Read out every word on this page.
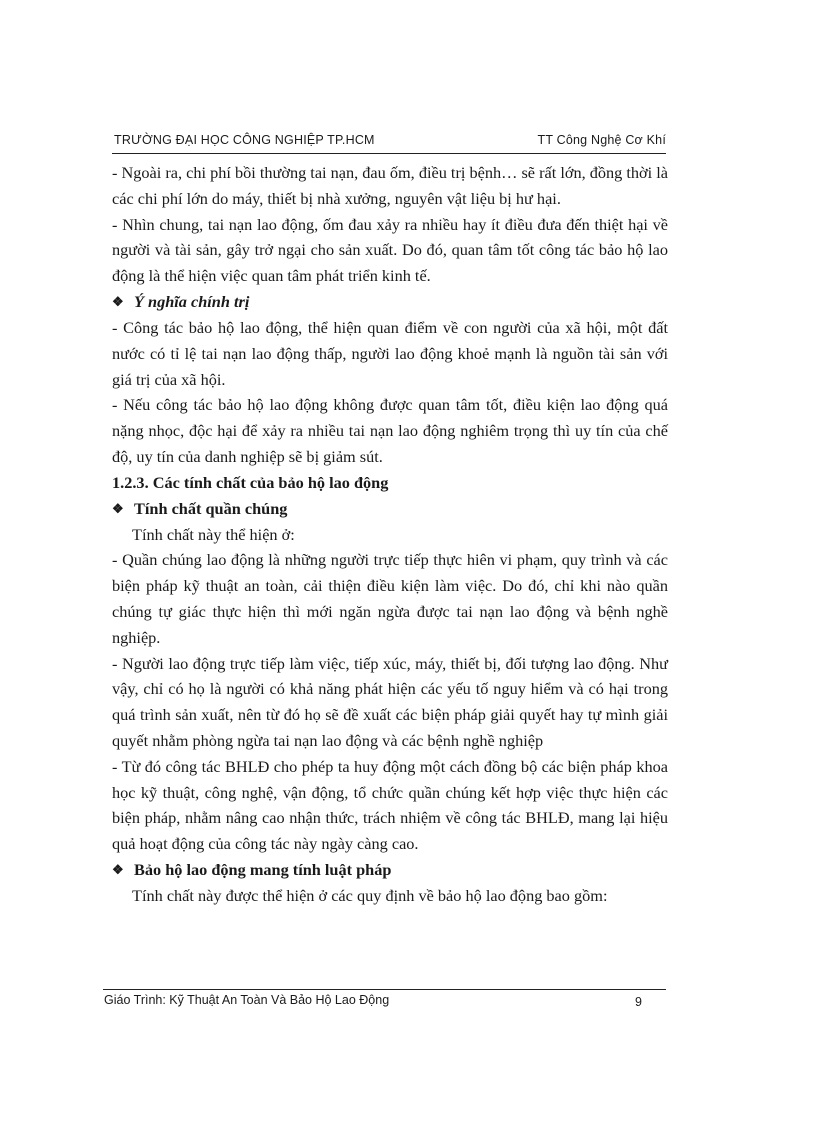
TRƯỜNG ĐẠI HỌC CÔNG NGHIỆP TP.HCM	TT Công Nghệ Cơ Khí

- Ngoài ra, chi phí bồi thường tai nạn, đau ốm, điều trị bệnh… sẽ rất lớn, đồng thời là các chi phí lớn do máy, thiết bị nhà xưởng, nguyên vật liệu bị hư hại.

- Nhìn chung, tai nạn lao động, ốm đau xảy ra nhiều hay ít điều đưa đến thiệt hại về người và tài sản, gây trở ngại cho sản xuất. Do đó, quan tâm tốt công tác bảo hộ lao động là thể hiện việc quan tâm phát triển kinh tế.

❖ Ý nghĩa chính trị

- Công tác bảo hộ lao động, thể hiện quan điểm về con người của xã hội, một đất nước có tỉ lệ tai nạn lao động thấp, người lao động khoẻ mạnh là nguồn tài sản với giá trị của xã hội.

- Nếu công tác bảo hộ lao động không được quan tâm tốt, điều kiện lao động quá nặng nhọc, độc hại để xảy ra nhiều tai nạn lao động nghiêm trọng thì uy tín của chế độ, uy tín của danh nghiệp sẽ bị giảm sút.

1.2.3. Các tính chất của bảo hộ lao động

❖ Tính chất quần chúng

Tính chất này thể hiện ở:

- Quần chúng lao động là những người trực tiếp thực hiên vi phạm, quy trình và các biện pháp kỹ thuật an toàn, cải thiện điều kiện làm việc. Do đó, chỉ khi nào quần chúng tự giác thực hiện thì mới ngăn ngừa được tai nạn lao động và bệnh nghề nghiệp.

- Người lao động trực tiếp làm việc, tiếp xúc, máy, thiết bị, đối tượng lao động. Như vậy, chỉ có họ là người có khả năng phát hiện các yếu tố nguy hiểm và có hại trong quá trình sản xuất, nên từ đó họ sẽ đề xuất các biện pháp giải quyết hay tự mình giải quyết nhằm phòng ngừa tai nạn lao động và các bệnh nghề nghiệp

- Từ đó công tác BHLĐ cho phép ta huy động một cách đồng bộ các biện pháp khoa học kỹ thuật, công nghệ, vận động, tổ chức quần chúng kết hợp việc thực hiện các biện pháp, nhằm nâng cao nhận thức, trách nhiệm về công tác BHLĐ, mang lại hiệu quả hoạt động của công tác này ngày càng cao.

❖ Bảo hộ lao động mang tính luật pháp

Tính chất này được thể hiện ở các quy định về bảo hộ lao động bao gồm:

Giáo Trình: Kỹ Thuật An Toàn Và Bảo Hộ Lao Động	9
